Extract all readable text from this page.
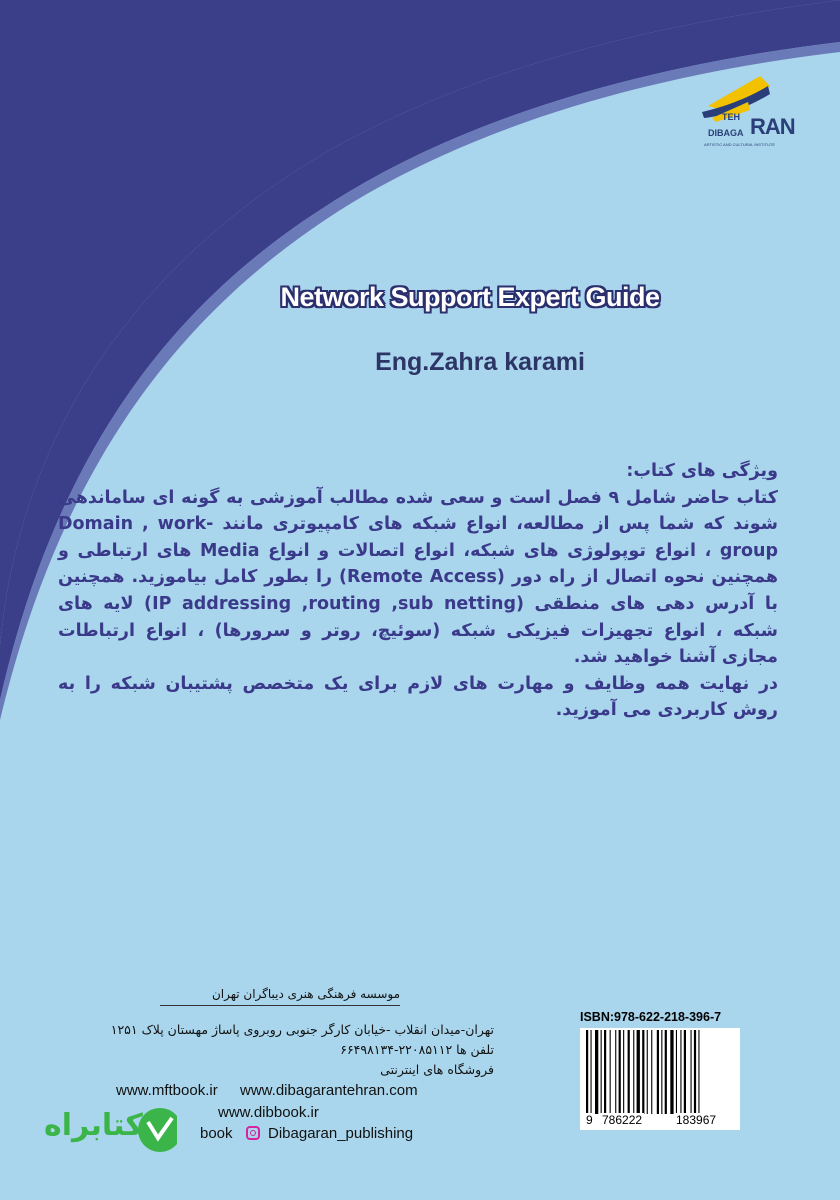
TEH
DIBAGA RAN
ARTISTIC AND CULTURAL INSTITUTE
Network Support Expert Guide
Eng.Zahra karami
ویژگی های کتاب:
کتاب حاضر شامل ۹ فصل است و سعی شده مطالب آموزشی به گونه ای ساماندهی شوند که شما پس از مطالعه، انواع شبکه های کامپیوتری مانند Domain , work-group ، انواع توپولوژی های شبکه، انواع اتصالات و انواع Media های ارتباطی و همچنین نحوه اتصال از راه دور (Remote Access) را بطور کامل بیاموزید. همچنین با آدرس دهی های منطقی (IP addressing ,routing ,sub netting) لایه های شبکه ، انواع تجهیزات فیزیکی شبکه (سوئیچ، روتر و سرورها) ، انواع ارتباطات مجازی آشنا خواهید شد.
در نهایت همه وظایف و مهارت های لازم برای یک متخصص پشتیبان شبکه را به روش کاربردی می آموزید.
موسسه فرهنگی هنری دیباگران تهران
تهران-میدان انقلاب -خیابان کارگر جنوبی روبروی پاساژ مهستان پلاک ۱۲۵۱
تلفن ها ۲۲۰۸۵۱۱۲-۶۶۴۹۸۱۳۴
فروشگاه های اینترنتی
www.mftbook.ir www.dibagarantehran.com
www.dibbook.ir
book Dibagaran_publishing
کتابراه
ISBN:978-622-218-396-7
9 786222	183967
